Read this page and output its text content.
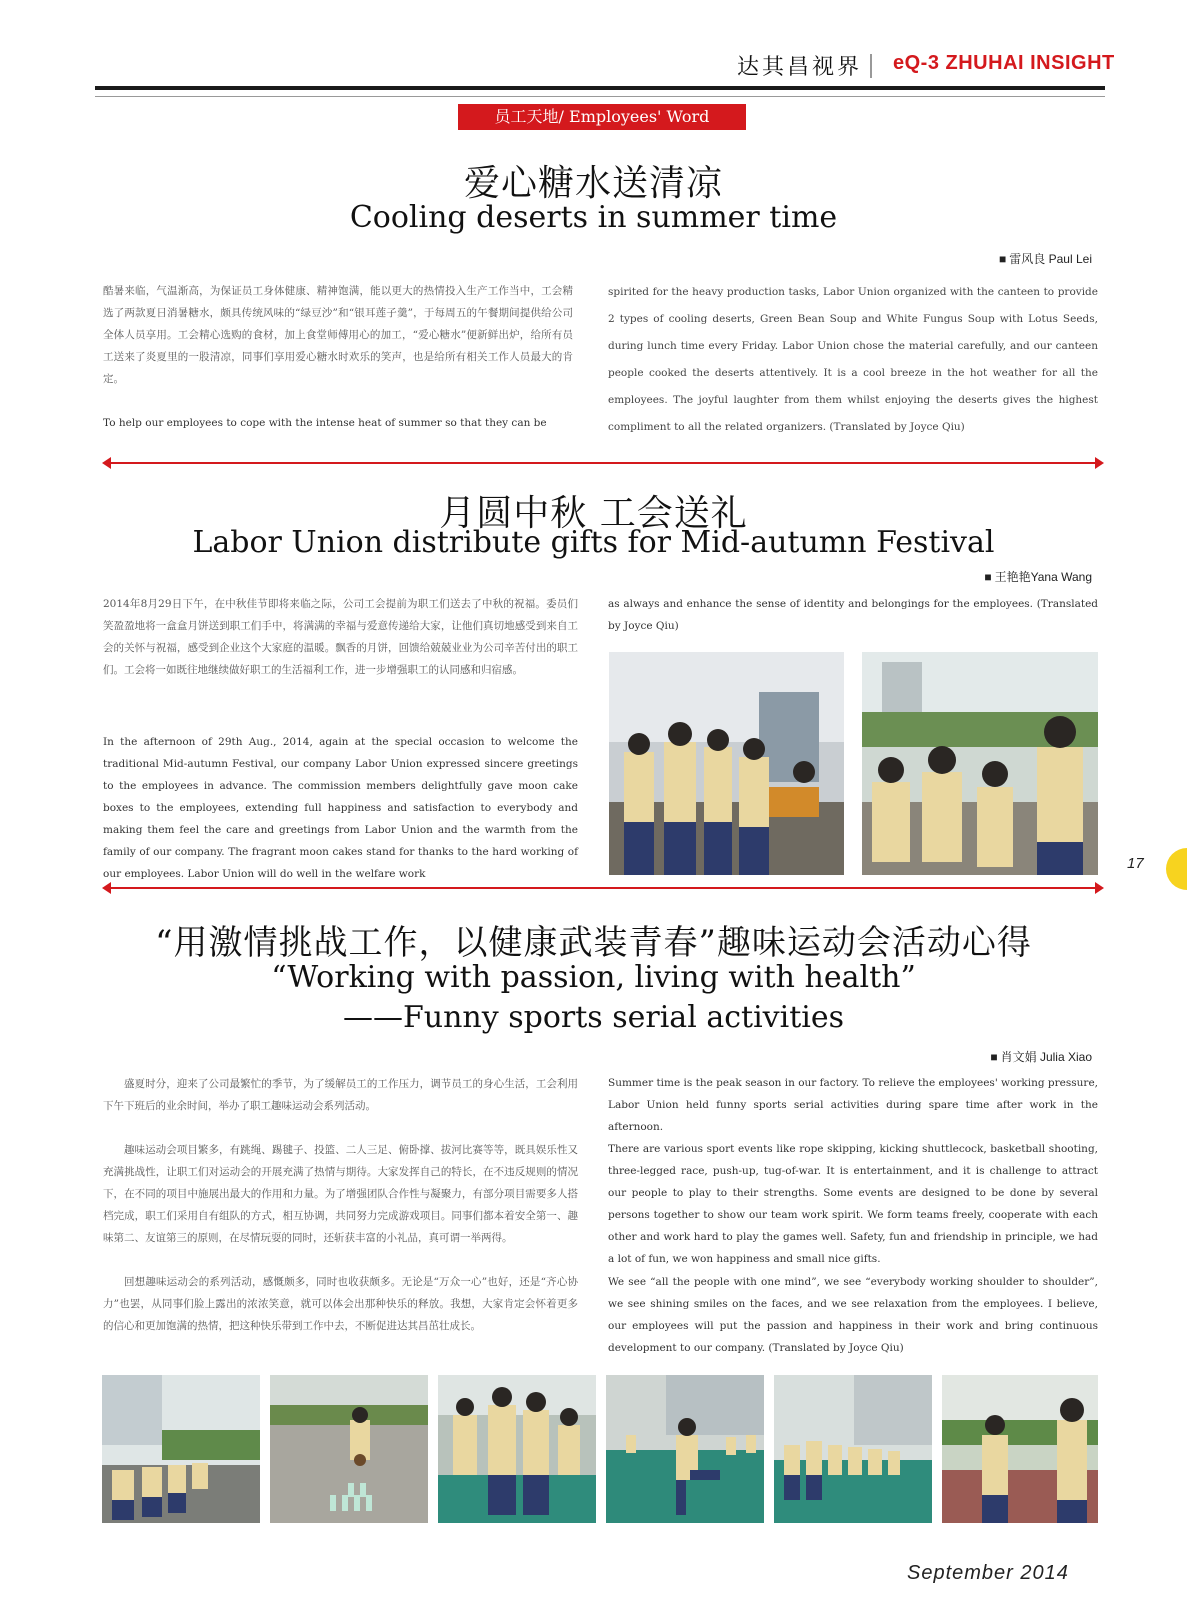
达其昌视界 eQ-3 ZHUHAI INSIGHT
员工天地/ Employees' Word
爱心糖水送清凉
Cooling deserts in summer time
■ 雷风良 Paul Lei
酷暑来临，气温渐高，为保证员工身体健康、精神饱满，能以更大的热情投入生产工作当中，工会精选了两款夏日消暑糖水，颇具传统风味的“绿豆沙”和“银耳莲子羹”，于每周五的午餐期间提供给公司全体人员享用。工会精心选购的食材，加上食堂师傅用心的加工，“爱心糖水”便新鲜出炉，给所有员工送来了炎夏里的一股清凉，同事们享用爱心糖水时欢乐的笑声，也是给所有相关工作人员最大的肯定。
To help our employees to cope with the intense heat of summer so that they can be
spirited for the heavy production tasks, Labor Union organized with the canteen to provide 2 types of cooling deserts, Green Bean Soup and White Fungus Soup with Lotus Seeds, during lunch time every Friday. Labor Union chose the material carefully, and our canteen people cooked the deserts attentively. It is a cool breeze in the hot weather for all the employees. The joyful laughter from them whilst enjoying the deserts gives the highest compliment to all the related organizers. (Translated by Joyce Qiu)
月圆中秋 工会送礼
Labor Union distribute gifts for Mid-autumn Festival
■ 王艳艳Yana Wang
2014年8月29日下午，在中秋佳节即将来临之际，公司工会提前为职工们送去了中秋的祝福。委员们笑盈盈地将一盒盒月饼送到职工们手中，将满满的幸福与爱意传递给大家，让他们真切地感受到来自工会的关怀与祝福，感受到企业这个大家庭的温暖。飘香的月饼，回馈给兢兢业业为公司辛苦付出的职工们。工会将一如既往地继续做好职工的生活福利工作，进一步增强职工的认同感和归宿感。
In the afternoon of 29th Aug., 2014, again at the special occasion to welcome the traditional Mid-autumn Festival, our company Labor Union expressed sincere greetings to the employees in advance. The commission members delightfully gave moon cake boxes to the employees, extending full happiness and satisfaction to everybody and making them feel the care and greetings from Labor Union and the warmth from the family of our company. The fragrant moon cakes stand for thanks to the hard working of our employees. Labor Union will do well in the welfare work
as always and enhance the sense of identity and belongings for the employees. (Translated by Joyce Qiu)
“用激情挑战工作，以健康武装青春”趣味运动会活动心得
“Working with passion, living with health”
——Funny sports serial activities
■ 肖文娟 Julia Xiao
盛夏时分，迎来了公司最繁忙的季节，为了缓解员工的工作压力，调节员工的身心生活，工会利用下午下班后的业余时间，举办了职工趣味运动会系列活动。
趣味运动会项目繁多，有跳绳、踢毽子、投篮、二人三足、俯卧撑、拔河比赛等等，既具娱乐性又充满挑战性，让职工们对运动会的开展充满了热情与期待。大家发挥自己的特长，在不违反规则的情况下，在不同的项目中施展出最大的作用和力量。为了增强团队合作性与凝聚力，有部分项目需要多人搭档完成，职工们采用自有组队的方式，相互协调，共同努力完成游戏项目。同事们都本着安全第一、趣味第二、友谊第三的原则，在尽情玩耍的同时，还斩获丰富的小礼品，真可谓一举两得。
回想趣味运动会的系列活动，感慨颇多，同时也收获颇多。无论是“万众一心”也好，还是“齐心协力”也罢，从同事们脸上露出的浓浓笑意，就可以体会出那种快乐的释放。我想，大家肯定会怀着更多的信心和更加饱满的热情，把这种快乐带到工作中去，不断促进达其昌茁壮成长。
Summer time is the peak season in our factory. To relieve the employees' working pressure, Labor Union held funny sports serial activities during spare time after work in the afternoon.
There are various sport events like rope skipping, kicking shuttlecock, basketball shooting, three-legged race, push-up, tug-of-war. It is entertainment, and it is challenge to attract our people to play to their strengths. Some events are designed to be done by several persons together to show our team work spirit. We form teams freely, cooperate with each other and work hard to play the games well. Safety, fun and friendship in principle, we had a lot of fun, we won happiness and small nice gifts.
We see “all the people with one mind”, we see “everybody working shoulder to shoulder”, we see shining smiles on the faces, and we see relaxation from the employees. I believe, our employees will put the passion and happiness in their work and bring continuous development to our company. (Translated by Joyce Qiu)
17
September 2014
